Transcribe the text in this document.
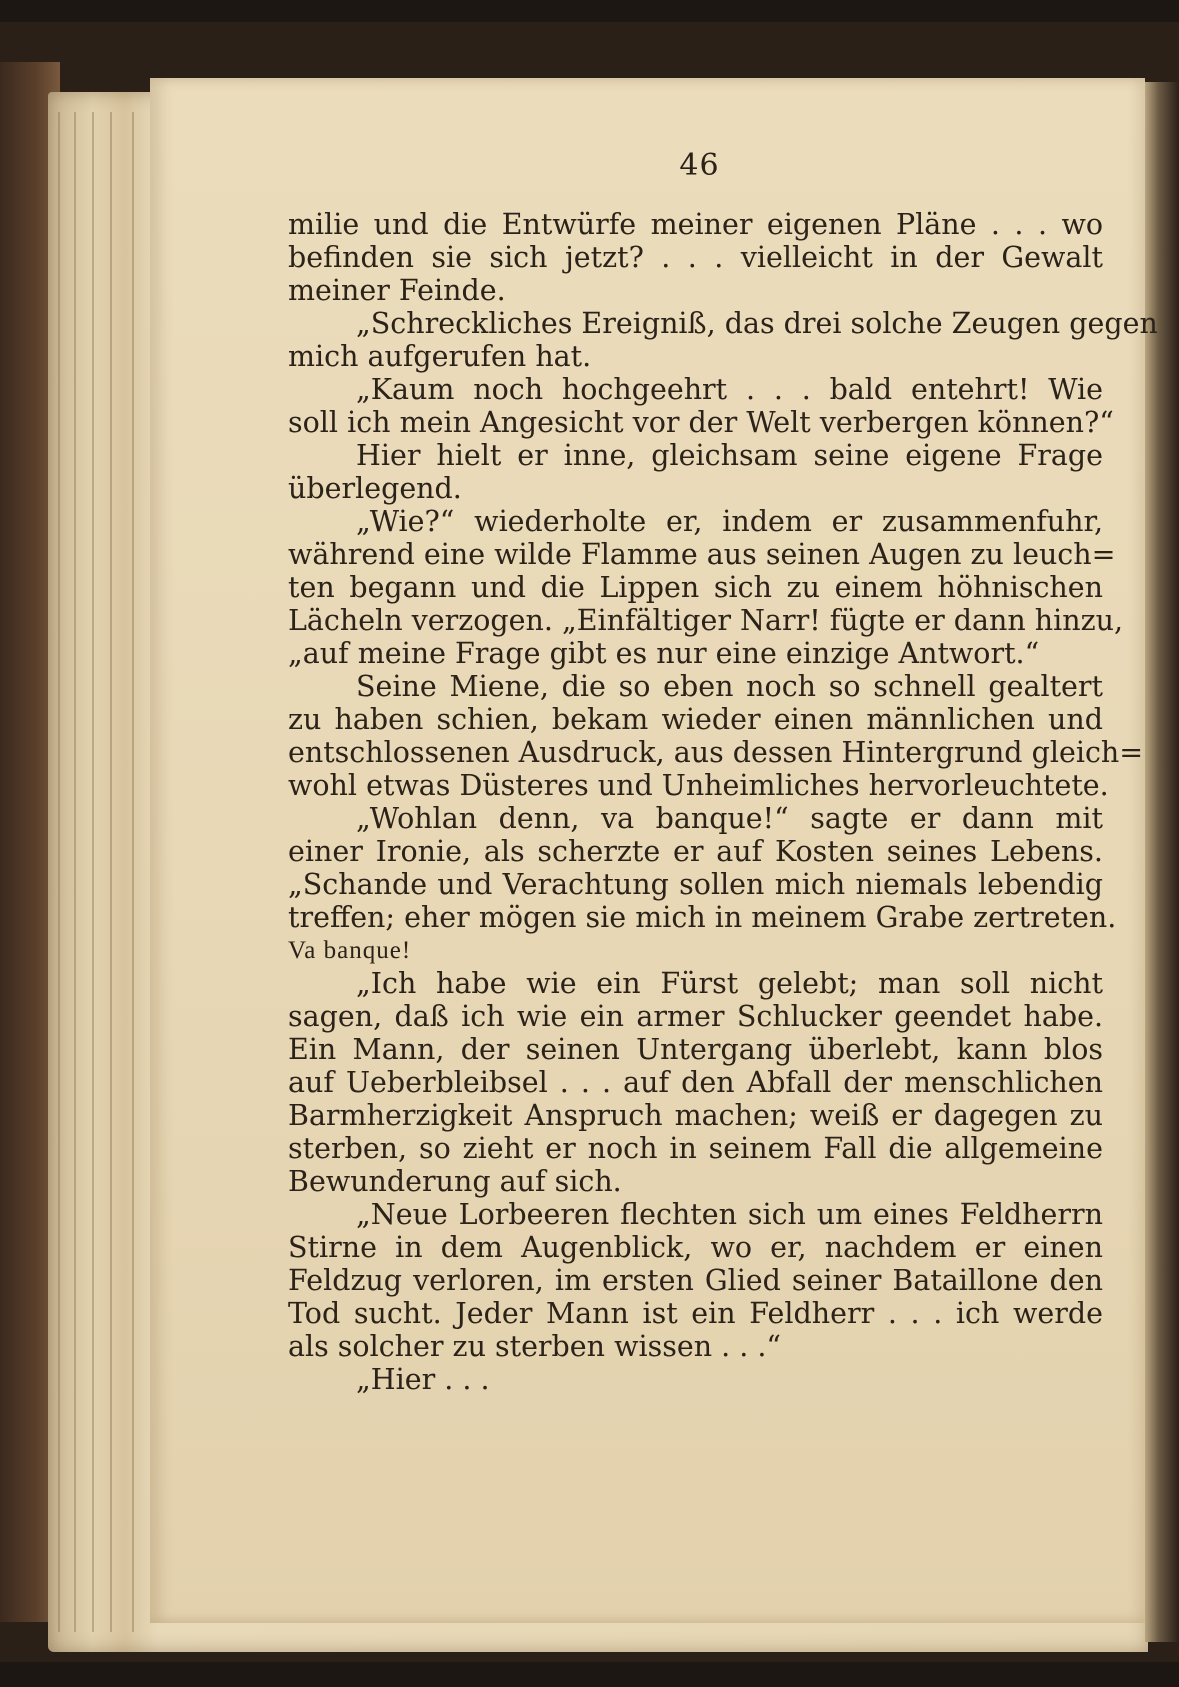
46
milie und die Entwürfe meiner eigenen Pläne . . . wo
befinden sie sich jetzt? . . . vielleicht in der Gewalt
meiner Feinde.
„Schreckliches Ereigniß, das drei solche Zeugen gegen
mich aufgerufen hat.
„Kaum noch hochgeehrt . . . bald entehrt! Wie
soll ich mein Angesicht vor der Welt verbergen können?“
Hier hielt er inne, gleichsam seine eigene Frage
überlegend.
„Wie?“ wiederholte er, indem er zusammenfuhr,
während eine wilde Flamme aus seinen Augen zu leuch=
ten begann und die Lippen sich zu einem höhnischen
Lächeln verzogen. „Einfältiger Narr! fügte er dann hinzu,
„auf meine Frage gibt es nur eine einzige Antwort.“
Seine Miene, die so eben noch so schnell gealtert
zu haben schien, bekam wieder einen männlichen und
entschlossenen Ausdruck, aus dessen Hintergrund gleich=
wohl etwas Düsteres und Unheimliches hervorleuchtete.
„Wohlan denn, va banque!“ sagte er dann mit
einer Ironie, als scherzte er auf Kosten seines Lebens.
„Schande und Verachtung sollen mich niemals lebendig
treffen; eher mögen sie mich in meinem Grabe zertreten.
Va banque!
„Ich habe wie ein Fürst gelebt; man soll nicht
sagen, daß ich wie ein armer Schlucker geendet habe.
Ein Mann, der seinen Untergang überlebt, kann blos
auf Ueberbleibsel . . . auf den Abfall der menschlichen
Barmherzigkeit Anspruch machen; weiß er dagegen zu
sterben, so zieht er noch in seinem Fall die allgemeine
Bewunderung auf sich.
„Neue Lorbeeren flechten sich um eines Feldherrn
Stirne in dem Augenblick, wo er, nachdem er einen
Feldzug verloren, im ersten Glied seiner Bataillone den
Tod sucht. Jeder Mann ist ein Feldherr . . . ich werde
als solcher zu sterben wissen . . .“
„Hier . . .
